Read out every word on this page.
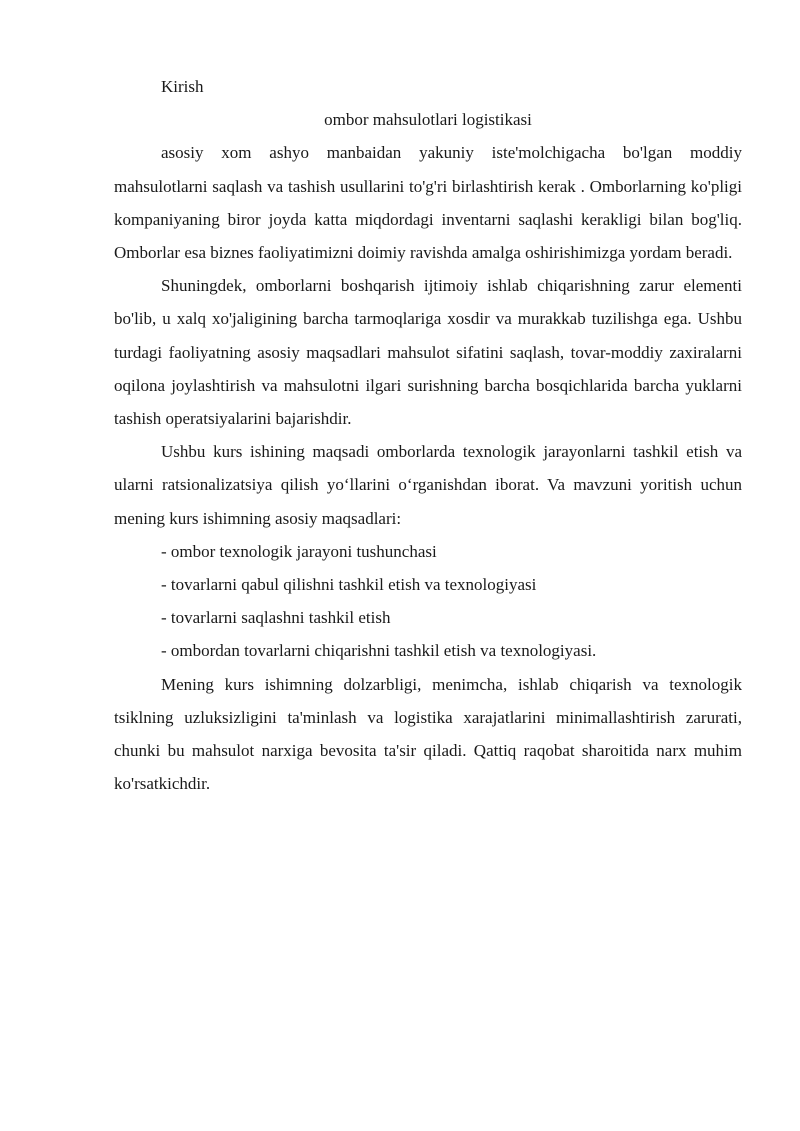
Kirish
ombor mahsulotlari logistikasi

asosiy xom ashyo manbaidan yakuniy iste'molchigacha bo'lgan moddiy mahsulotlarni saqlash va tashish usullarini to'g'ri birlashtirish kerak . Omborlarning ko'pligi kompaniyaning biror joyda katta miqdordagi inventarni saqlashi kerakligi bilan bog'liq. Omborlar esa biznes faoliyatimizni doimiy ravishda amalga oshirishimizga yordam beradi.

Shuningdek, omborlarni boshqarish ijtimoiy ishlab chiqarishning zarur elementi bo'lib, u xalq xo'jaligining barcha tarmoqlariga xosdir va murakkab tuzilishga ega. Ushbu turdagi faoliyatning asosiy maqsadlari mahsulot sifatini saqlash, tovar-moddiy zaxiralarni oqilona joylashtirish va mahsulotni ilgari surishning barcha bosqichlarida barcha yuklarni tashish operatsiyalarini bajarishdir.

Ushbu kurs ishining maqsadi omborlarda texnologik jarayonlarni tashkil etish va ularni ratsionalizatsiya qilish yo‘llarini o‘rganishdan iborat. Va mavzuni yoritish uchun mening kurs ishimning asosiy maqsadlari:

- ombor texnologik jarayoni tushunchasi
- tovarlarni qabul qilishni tashkil etish va texnologiyasi
- tovarlarni saqlashni tashkil etish
- ombordan tovarlarni chiqarishni tashkil etish va texnologiyasi.

Mening kurs ishimning dolzarbligi, menimcha, ishlab chiqarish va texnologik tsiklning uzluksizligini ta'minlash va logistika xarajatlarini minimallashtirish zarurati, chunki bu mahsulot narxiga bevosita ta'sir qiladi. Qattiq raqobat sharoitida narx muhim ko'rsatkichdir.
